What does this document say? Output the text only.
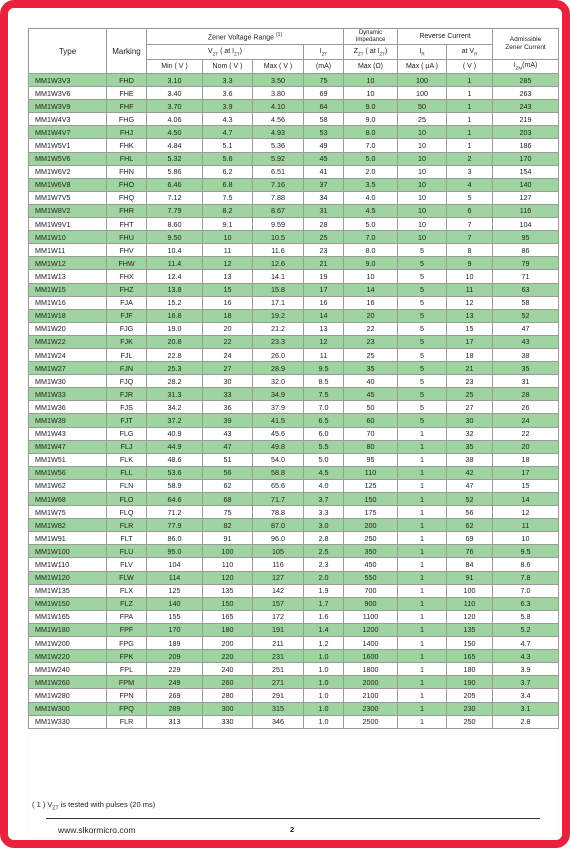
Type	Marking	Zener Voltage Range $^{(1)}$				Dynamic
Impedance	Reverse Current		Admissible
Zener Current
		$V_{ZT}$ ( at $I_{ZT}$)			$I_{ZT}$	$Z_{ZT}$ ( at $I_{ZT}$)	$I_R$	at $V_R$
		Min ( V )	Nom ( V )	Max ( V )	(mA)	Max (Ω)	Max ( µA )	( V )	$I_{ZM}(mA)$
MM1W3V3	FHD	3.10	3.3	3.50	75	10	100	1	285
MM1W3V6	FHE	3.40	3.6	3.80	69	10	100	1	263
MM1W3V9	FHF	3.70	3.9	4.10	64	9.0	50	1	243
MM1W4V3	FHG	4.06	4.3	4.56	58	9.0	25	1	219
MM1W4V7	FHJ	4.50	4.7	4.93	53	8.0	10	1	203
MM1W5V1	FHK	4.84	5.1	5.36	49	7.0	10	1	186
MM1W5V6	FHL	5.32	5.6	5.92	45	5.0	10	2	170
MM1W6V2	FHN	5.86	6.2	6.51	41	2.0	10	3	154
MM1W6V8	FHO	6.46	6.8	7.16	37	3.5	10	4	140
MM1W7V5	FHQ	7.12	7.5	7.88	34	4.0	10	5	127
MM1W8V2	FHR	7.79	8.2	8.67	31	4.5	10	6	116
MM1W9V1	FHT	8.60	9.1	9.59	28	5.0	10	7	104
MM1W10	FHU	9.50	10	10.5	25	7.0	10	7	95
MM1W11	FHV	10.4	11	11.6	23	8.0	5	8	86
MM1W12	FHW	11.4	12	12.6	21	9.0	5	9	79
MM1W13	FHX	12.4	13	14.1	19	10	5	10	71
MM1W15	FHZ	13.8	15	15.8	17	14	5	11	63
MM1W16	FJA	15.2	16	17.1	16	16	5	12	58
MM1W18	FJF	16.8	18	19.2	14	20	5	13	52
MM1W20	FJG	19.0	20	21.2	13	22	5	15	47
MM1W22	FJK	20.8	22	23.3	12	23	5	17	43
MM1W24	FJL	22.8	24	26.0	11	25	5	18	38
MM1W27	FJN	25.3	27	28.9	9.5	35	5	21	35
MM1W30	FJQ	28.2	30	32.0	8.5	40	5	23	31
MM1W33	FJR	31.3	33	34.9	7.5	45	5	25	28
MM1W36	FJS	34.2	36	37.9	7.0	50	5	27	26
MM1W39	FJT	37.2	39	41.5	6.5	60	5	30	24
MM1W43	FLG	40.9	43	45.6	6.0	70	1	32	22
MM1W47	FLJ	44.9	47	49.8	5.5	80	1	35	20
MM1W51	FLK	48.6	51	54.0	5.0	95	1	38	18
MM1W56	FLL	53.6	56	58.8	4.5	110	1	42	17
MM1W62	FLN	58.9	62	65.6	4.0	125	1	47	15
MM1W68	FLO	64.6	68	71.7	3.7	150	1	52	14
MM1W75	FLQ	71.2	75	78.8	3.3	175	1	56	12
MM1W82	FLR	77.9	82	87.0	3.0	200	1	62	11
MM1W91	FLT	86.0	91	96.0	2.8	250	1	69	10
MM1W100	FLU	95.0	100	105	2.5	350	1	76	9.5
MM1W110	FLV	104	110	116	2.3	450	1	84	8.6
MM1W120	FLW	114	120	127	2.0	550	1	91	7.8
MM1W135	FLX	125	135	142	1.9	700	1	100	7.0
MM1W150	FLZ	140	150	157	1.7	900	1	110	6.3
MM1W165	FPA	155	165	172	1.6	1100	1	120	5.8
MM1W180	FPF	170	180	191	1.4	1200	1	135	5.2
MM1W200	FPG	189	200	211	1.2	1400	1	150	4.7
MM1W220	FPK	209	220	231	1.0	1600	1	165	4.3
MM1W240	FPL	229	240	251	1.0	1800	1	180	3.9
MM1W260	FPM	249	260	271	1.0	2000	1	190	3.7
MM1W280	FPN	269	280	291	1.0	2100	1	205	3.4
MM1W300	FPQ	289	300	315	1.0	2300	1	230	3.1
MM1W330	FLR	313	330	346	1.0	2500	1	250	2.8
( 1 ) $V_{ZT}$ is tested with pulses (20 ms)
www.slkormicro.com	2
